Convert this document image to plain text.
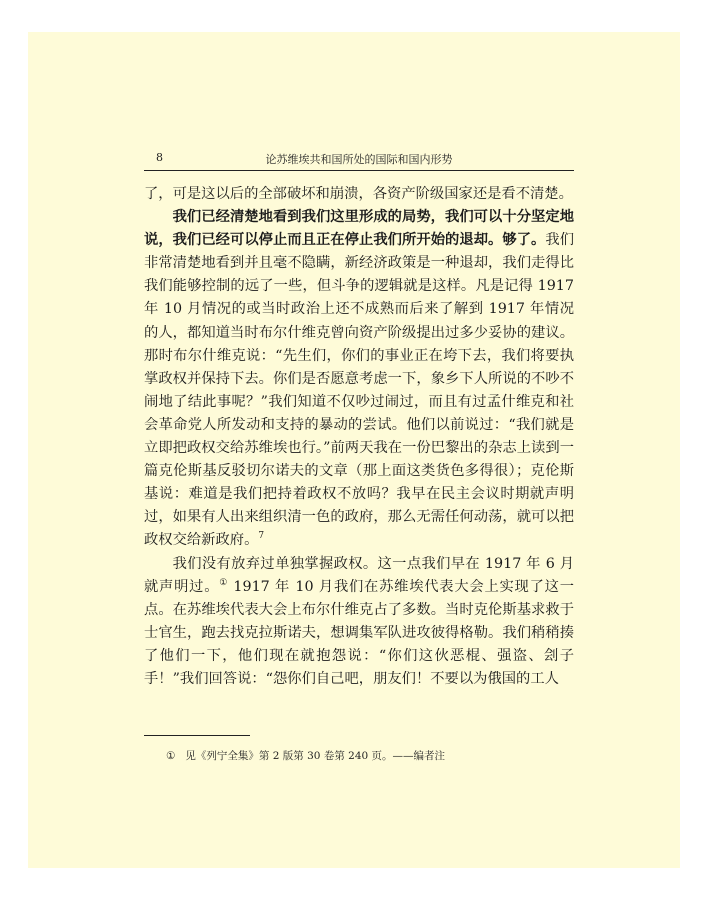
8	论苏维埃共和国所处的国际和国内形势

了，可是这以后的全部破坏和崩溃，各资产阶级国家还是看不清楚。

我们已经清楚地看到我们这里形成的局势，我们可以十分坚定地说，我们已经可以停止而且正在停止我们所开始的退却。够了。我们非常清楚地看到并且毫不隐瞒，新经济政策是一种退却，我们走得比我们能够控制的远了一些，但斗争的逻辑就是这样。凡是记得 1917 年 10 月情况的或当时政治上还不成熟而后来了解到 1917 年情况的人，都知道当时布尔什维克曾向资产阶级提出过多少妥协的建议。那时布尔什维克说：“先生们，你们的事业正在垮下去，我们将要执掌政权并保持下去。你们是否愿意考虑一下，象乡下人所说的不吵不闹地了结此事呢？”我们知道不仅吵过闹过，而且有过孟什维克和社会革命党人所发动和支持的暴动的尝试。他们以前说过：“我们就是立即把政权交给苏维埃也行。”前两天我在一份巴黎出的杂志上读到一篇克伦斯基反驳切尔诺夫的文章（那上面这类货色多得很）；克伦斯基说：难道是我们把持着政权不放吗？我早在民主会议时期就声明过，如果有人出来组织清一色的政府，那么无需任何动荡，就可以把政权交给新政府。$^7$

我们没有放弃过单独掌握政权。这一点我们早在 1917 年 6 月就声明过。① 1917 年 10 月我们在苏维埃代表大会上实现了这一点。在苏维埃代表大会上布尔什维克占了多数。当时克伦斯基求救于士官生，跑去找克拉斯诺夫，想调集军队进攻彼得格勒。我们稍稍揍了他们一下，他们现在就抱怨说：“你们这伙恶棍、强盗、刽子手！”我们回答说：“怨你们自己吧，朋友们！不要以为俄国的工人

① 见《列宁全集》第 2 版第 30 卷第 240 页。——编者注
